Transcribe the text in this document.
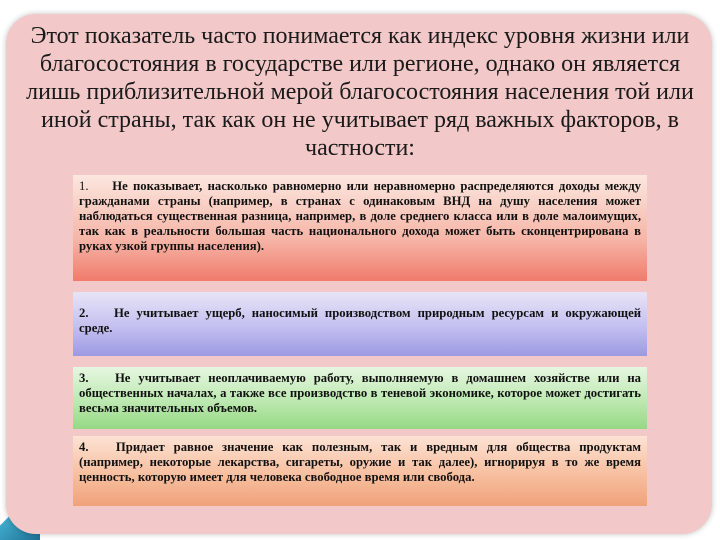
Этот показатель часто понимается как индекс уровня жизни или благосостояния в государстве или регионе, однако он является лишь приблизительной мерой благосостояния населения той или иной страны, так как он не учитывает ряд важных факторов, в частности:
1. Не показывает, насколько равномерно или неравномерно распределяются доходы между гражданами страны (например, в странах с одинаковым ВНД на душу населения может наблюдаться существенная разница, например, в доле среднего класса или в доле малоимущих, так как в реальности большая часть национального дохода может быть сконцентрирована в руках узкой группы населения).
2. Не учитывает ущерб, наносимый производством природным ресурсам и окружающей среде.
3. Не учитывает неоплачиваемую работу, выполняемую в домашнем хозяйстве или на общественных началах, а также все производство в теневой экономике, которое может достигать весьма значительных объемов.
4. Придает равное значение как полезным, так и вредным для общества продуктам (например, некоторые лекарства, сигареты, оружие и так далее), игнорируя в то же время ценность, которую имеет для человека свободное время или свобода.
